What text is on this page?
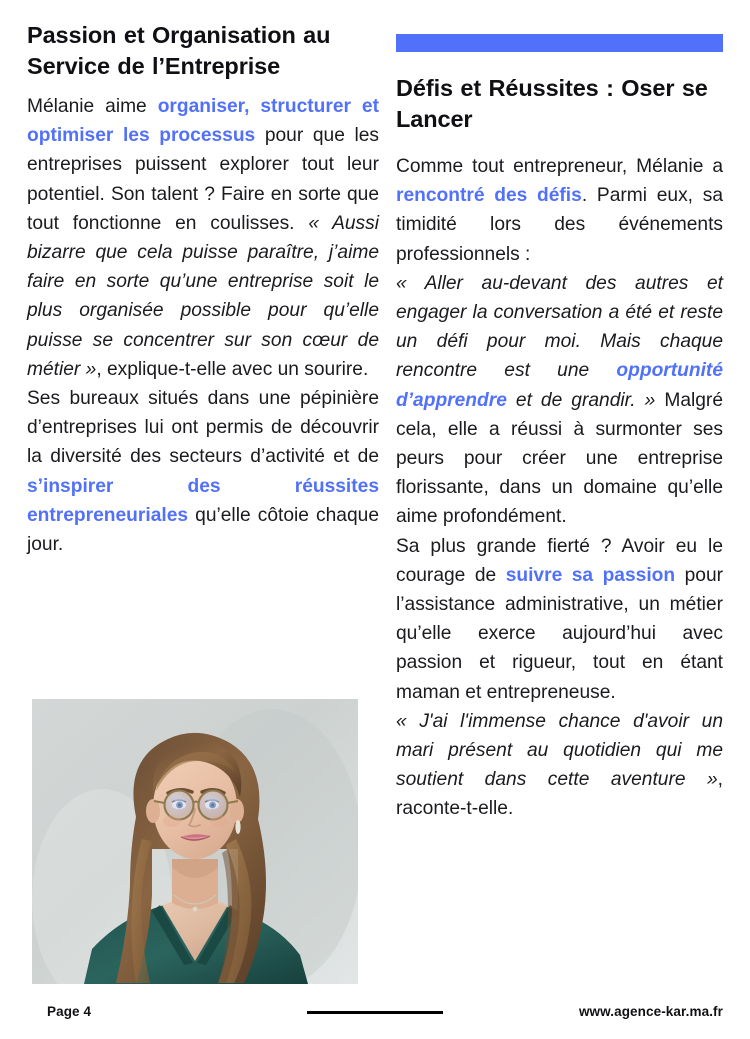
Passion et Organisation au Service de l’Entreprise

Mélanie aime organiser, structurer et optimiser les processus pour que les entreprises puissent explorer tout leur potentiel. Son talent ? Faire en sorte que tout fonctionne en coulisses. « Aussi bizarre que cela puisse paraître, j’aime faire en sorte qu’une entreprise soit le plus organisée possible pour qu’elle puisse se concentrer sur son cœur de métier », explique-t-elle avec un sourire.

Ses bureaux situés dans une pépinière d’entreprises lui ont permis de découvrir la diversité des secteurs d’activité et de s’inspirer des réussites entrepreneuriales qu’elle côtoie chaque jour.

Défis et Réussites : Oser se Lancer

Comme tout entrepreneur, Mélanie a rencontré des défis. Parmi eux, sa timidité lors des événements professionnels :

« Aller au-devant des autres et engager la conversation a été et reste un défi pour moi. Mais chaque rencontre est une opportunité d’apprendre et de grandir. » Malgré cela, elle a réussi à surmonter ses peurs pour créer une entreprise florissante, dans un domaine qu’elle aime profondément.

Sa plus grande fierté ? Avoir eu le courage de suivre sa passion pour l’assistance administrative, un métier qu’elle exerce aujourd’hui avec passion et rigueur, tout en étant maman et entrepreneuse.

« J'ai l'immense chance d'avoir un mari présent au quotidien qui me soutient dans cette aventure », raconte-t-elle.

Page 4	www.agence-kar.ma.fr
